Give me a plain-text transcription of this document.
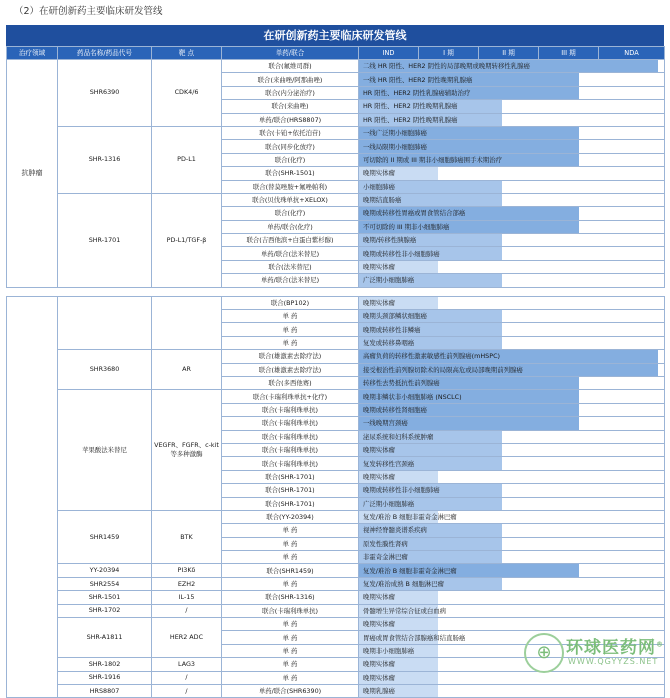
（2）在研创新药主要临床研发管线
在研创新药主要临床研发管线
治疗领域	药品名称/药品代号	靶 点	单药/联合	IND	I 期	II 期	III 期	NDA
抗肿瘤	SHR6390	CDK4/6	联合(氟维司群)	二线 HR 阳性、HER2 阴性的局部晚期或晚期转移性乳腺癌				
			联合(来曲唑/阿那曲唑)	一线 HR 阳性、HER2 阴性晚期乳腺癌				
			联合(内分泌治疗)	HR 阳性、HER2 阴性乳腺癌辅助治疗				
			联合(来曲唑)	HR 阳性、HER2 阴性晚期乳腺癌				
			单药/联合(HRS8807)	HR 阳性、HER2 阴性晚期乳腺癌				
	SHR-1316	PD-L1	联合(卡铂+依托泊苷)	一线广泛期小细胞肺癌				
			联合(同步化放疗)	一线局限期小细胞肺癌				
			联合(化疗)	可切除的 II 期或 III 期非小细胞肺癌围手术期治疗				
			联合(SHR-1501)	晚期实体瘤				
			联合(替莫唑胺+氟唑帕利)	小细胞肺癌				
	SHR-1701	PD-L1/TGF-β	联合(贝伐珠单抗+XELOX)	晚期结直肠癌				
			联合(化疗)	晚期或转移性胃癌或胃食管结合部癌				
			单药/联合(化疗)	不可切除的 III 期非小细胞肺癌				
			联合(吉西他滨+白蛋白紫杉醇)	晚期/转移性胰腺癌				
			单药/联合(法米替尼)	晚期或转移性非小细胞肺癌				
			联合(法米替尼)	晚期实体瘤				
			单药/联合(法米替尼)	广泛期小细胞肺癌				

			联合(BP102)	晚期实体瘤				
			单 药	晚期头颈部鳞状细胞癌				
			单 药	晚期或转移性非鳞癌				
			单 药	复发或转移鼻咽癌				
	SHR3680	AR	联合(雄激素去除疗法)	高瘤负荷的转移性激素敏感性前列腺癌(mHSPC)				
			联合(雄激素去除疗法)	接受根治性前列腺切除术的局限高危或局部晚期前列腺癌				
			联合(多西他赛)	转移性去势抵抗性前列腺癌				
	苹果酸法米替尼	VEGFR、FGFR、c-kit 等多种激酶	联合(卡瑞利珠单抗+化疗)	晚期非鳞状非小细胞肺癌 (NSCLC)				
			联合(卡瑞利珠单抗)	晚期或转移性肾细胞癌				
			联合(卡瑞利珠单抗)	一线晚期宫颈癌				
			联合(卡瑞利珠单抗)	泌尿系统和妇科系统肿瘤				
			联合(卡瑞利珠单抗)	晚期实体瘤				
			联合(卡瑞利珠单抗)	复发转移性宫颈癌				
			联合(SHR-1701)	晚期实体瘤				
			联合(SHR-1701)	晚期或转移性非小细胞肺癌				
			联合(SHR-1701)	广泛期小细胞肺癌				
	SHR1459	BTK	联合(YY-20394)	复发/难治 B 细胞非霍奇金淋巴瘤				
			单 药	视神经脊髓炎谱系疾病				
			单 药	原发性膜性肾病				
			单 药	非霍奇金淋巴瘤				
	YY-20394	PI3Kδ	联合(SHR1459)	复发/难治 B 细胞非霍奇金淋巴瘤				
	SHR2554	EZH2	单 药	复发/难治成熟 B 细胞淋巴瘤				
	SHR-1501	IL-15	联合(SHR-1316)	晚期实体瘤				
	SHR-1702	/	联合(卡瑞利珠单抗)	骨髓增生异常综合征或白血病				
	SHR-A1811	HER2 ADC	单 药	晚期实体瘤				
			单 药	胃癌或胃食管结合部腺癌和结直肠癌				
			单 药	晚期非小细胞肺癌				
	SHR-1802	LAG3	单 药	晚期实体瘤				
	SHR-1916	/	单 药	晚期实体瘤				
	HRS8807	/	单药/联合(SHR6390)	晚期乳腺癌				
⊕ 环球医药网®
WWW.QGYYZS.NET
